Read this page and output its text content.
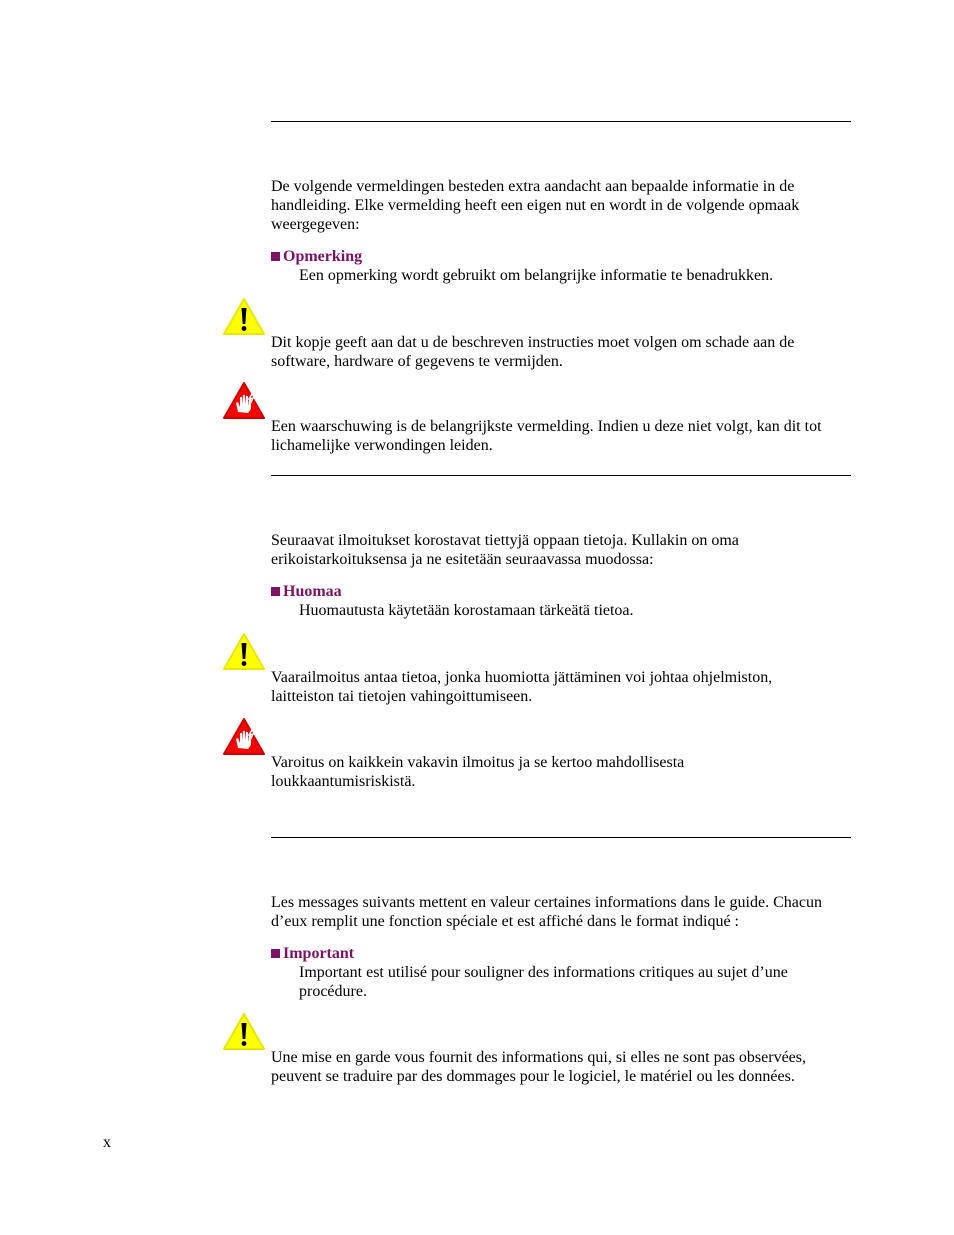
De volgende vermeldingen besteden extra aandacht aan bepaalde informatie in de handleiding. Elke vermelding heeft een eigen nut en wordt in de volgende opmaak weergegeven:
Opmerking
Een opmerking wordt gebruikt om belangrijke informatie te benadrukken.
Dit kopje geeft aan dat u de beschreven instructies moet volgen om schade aan de software, hardware of gegevens te vermijden.
Een waarschuwing is de belangrijkste vermelding. Indien u deze niet volgt, kan dit tot lichamelijke verwondingen leiden.
Seuraavat ilmoitukset korostavat tiettyjä oppaan tietoja. Kullakin on oma erikoistarkoituksensa ja ne esitetään seuraavassa muodossa:
Huomaa
Huomautusta käytetään korostamaan tärkeätä tietoa.
Vaarailmoitus antaa tietoa, jonka huomiotta jättäminen voi johtaa ohjelmiston, laitteiston tai tietojen vahingoittumiseen.
Varoitus on kaikkein vakavin ilmoitus ja se kertoo mahdollisesta loukkaantumisriskistä.
Les messages suivants mettent en valeur certaines informations dans le guide. Chacun d’eux remplit une fonction spéciale et est affiché dans le format indiqué :
Important
Important est utilisé pour souligner des informations critiques au sujet d’une procédure.
Une mise en garde vous fournit des informations qui, si elles ne sont pas observées, peuvent se traduire par des dommages pour le logiciel, le matériel ou les données.
x
